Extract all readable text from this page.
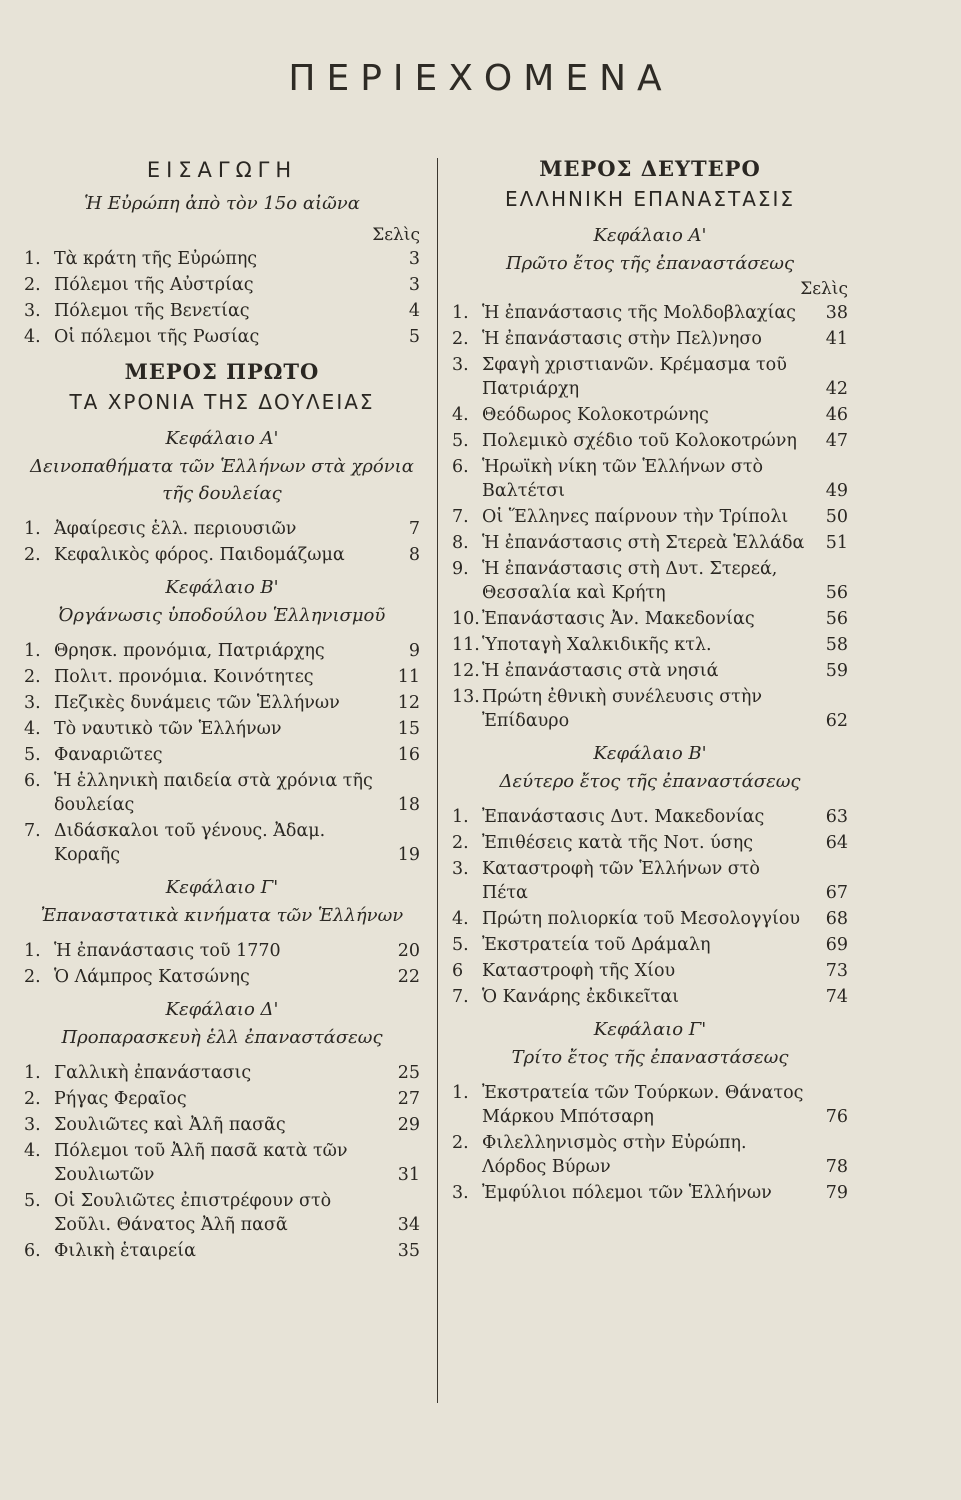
ΠΕΡΙΕΧΟΜΕΝΑ
ΕΙΣΑΓΩΓΗ
Ἡ Εὐρώπη ἀπὸ τὸν 15ο αἰῶνα
Σελὶς
1. Τὰ κράτη τῆς Εὐρώπης	3
2. Πόλεμοι τῆς Αὐστρίας	3
3. Πόλεμοι τῆς Βενετίας	4
4. Οἱ πόλεμοι τῆς Ρωσίας	5
ΜΕΡΟΣ ΠΡΩΤΟ
ΤΑ ΧΡΟΝΙΑ ΤΗΣ ΔΟΥΛΕΙΑΣ
Κεφάλαιο Α'
Δεινοπαθήματα τῶν Ἑλλήνων στὰ χρόνια τῆς δουλείας
1. Ἀφαίρεσις ἑλλ. περιουσιῶν	7
2. Κεφαλικὸς φόρος. Παιδομάζωμα	8
Κεφάλαιο Β'
Ὀργάνωσις ὑποδούλου Ἑλληνισμοῦ
1. Θρησκ. προνόμια, Πατριάρχης	9
2. Πολιτ. προνόμια. Κοινότητες	11
3. Πεζικὲς δυνάμεις τῶν Ἑλλήνων	12
4. Τὸ ναυτικὸ τῶν Ἑλλήνων	15
5. Φαναριῶτες	16
6. Ἡ ἑλληνικὴ παιδεία στὰ χρόνια τῆς δουλείας	18
7. Διδάσκαλοι τοῦ γένους. Ἀδαμ. Κοραῆς	19
Κεφάλαιο Γ'
Ἐπαναστατικὰ κινήματα τῶν Ἑλλήνων
1. Ἡ ἐπανάστασις τοῦ 1770	20
2. Ὁ Λάμπρος Κατσώνης	22
Κεφάλαιο Δ'
Προπαρασκευὴ ἑλλ ἐπαναστάσεως
1. Γαλλικὴ ἐπανάστασις	25
2. Ρήγας Φεραῖος	27
3. Σουλιῶτες καὶ Ἀλῆ πασᾶς	29
4. Πόλεμοι τοῦ Ἀλῆ πασᾶ κατὰ τῶν Σουλιωτῶν	31
5. Οἱ Σουλιῶτες ἐπιστρέφουν στὸ Σοῦλι. Θάνατος Ἀλῆ πασᾶ	34
6. Φιλικὴ ἑταιρεία	35
ΜΕΡΟΣ ΔΕΥΤΕΡΟ
ΕΛΛΗΝΙΚΗ ΕΠΑΝΑΣΤΑΣΙΣ
Κεφάλαιο Α'
Πρῶτο ἔτος τῆς ἐπαναστάσεως
Σελὶς
1. Ἡ ἐπανάστασις τῆς Μολδοβλαχίας	38
2. Ἡ ἐπανάστασις στὴν Πελ)νησο	41
3. Σφαγὴ χριστιανῶν. Κρέμασμα τοῦ Πατριάρχη	42
4. Θεόδωρος Κολοκοτρώνης	46
5. Πολεμικὸ σχέδιο τοῦ Κολοκοτρώνη	47
6. Ἡρωϊκὴ νίκη τῶν Ἑλλήνων στὸ Βαλτέτσι	49
7. Οἱ Ἕλληνες παίρνουν τὴν Τρίπολι	50
8. Ἡ ἐπανάστασις στὴ Στερεὰ Ἑλλάδα	51
9. Ἡ ἐπανάστασις στὴ Δυτ. Στερεά, Θεσσαλία καὶ Κρήτη	56
10. Ἐπανάστασις Ἀν. Μακεδονίας	56
11. Ὑποταγὴ Χαλκιδικῆς κτλ.	58
12. Ἡ ἐπανάστασις στὰ νησιά	59
13. Πρώτη ἐθνικὴ συνέλευσις στὴν Ἐπίδαυρο	62
Κεφάλαιο Β'
Δεύτερο ἔτος τῆς ἐπαναστάσεως
1. Ἐπανάστασις Δυτ. Μακεδονίας	63
2. Ἐπιθέσεις κατὰ τῆς Νοτ. ύσης	64
3. Καταστροφὴ τῶν Ἑλλήνων στὸ Πέτα	67
4. Πρώτη πολιορκία τοῦ Μεσολογγίου	68
5. Ἐκστρατεία τοῦ Δράμαλη	69
6	Καταστροφὴ τῆς Χίου	73
7. Ὁ Κανάρης ἐκδικεῖται	74
Κεφάλαιο Γ'
Τρίτο ἔτος τῆς ἐπαναστάσεως
1. Ἐκστρατεία τῶν Τούρκων. Θάνατος Μάρκου Μπότσαρη	76
2. Φιλελληνισμὸς στὴν Εὐρώπη. Λόρδος Βύρων	78
3. Ἐμφύλιοι πόλεμοι τῶν Ἑλλήνων	79
